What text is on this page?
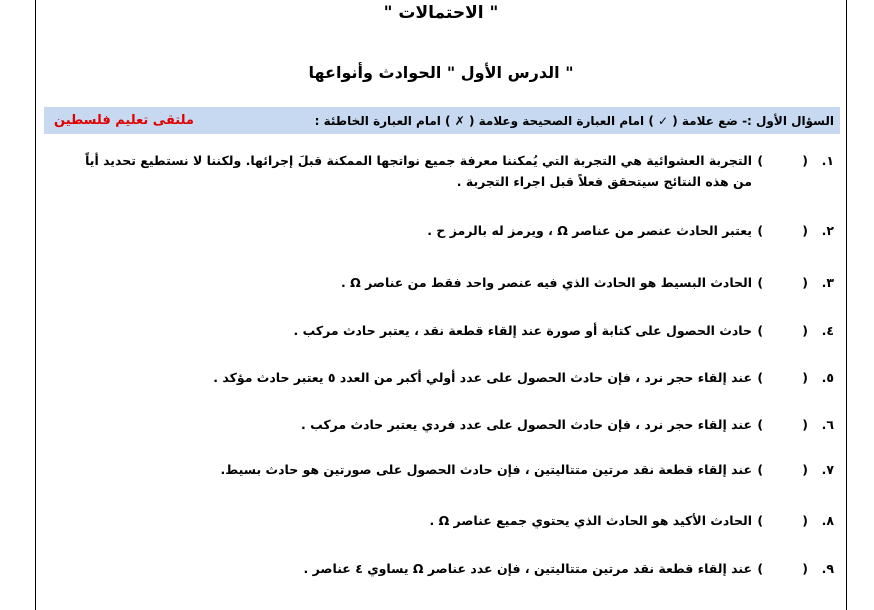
" الاحتمالات "
الدرس الأول " الحوادث وأنواعها "
ملتقى تعليم فلسطين	السؤال الأول :- ضع علامة ( ✓ ) امام العبارة الصحيحة وعلامة ( ✗ ) امام العبارة الخاطئة :
١.
(         )
التجربة العشوائية هي التجربة التي يُمكننا معرفة جميع نواتجها الممكنة قبلَ إجرائها. ولكننا لا نستطيع تحديد أياً من هذه النتائج سيتحقق فعلاً قبل اجراء التجربة .
٢.
(         )
يعتبر الحادث عنصر من عناصر Ω ، ويرمز له بالرمز ح .
٣.
(         )
الحادث البسيط هو الحادث الذي فيه عنصر واحد فقط من عناصر Ω .
٤.
(         )
حادث الحصول على كتابة أو صورة عند إلقاء قطعة نقد ، يعتبر حادث مركب .
٥.
(         )
عند إلقاء حجر نرد ، فإن حادث الحصول على عدد أولي أكبر من العدد ٥ يعتبر حادث مؤكد .
٦.
(         )
عند إلقاء حجر نرد ، فإن حادث الحصول على عدد فردي يعتبر حادث مركب .
٧.
(         )
عند إلقاء قطعة نقد مرتين متتاليتين ، فإن حادث الحصول على صورتين هو حادث بسيط.
٨.
(         )
الحادث الأكيد هو الحادث الذي يحتوي جميع عناصر Ω .
٩.
(         )
عند إلقاء قطعة نقد مرتين متتاليتين ، فإن عدد عناصر Ω يساوي ٤ عناصر .
